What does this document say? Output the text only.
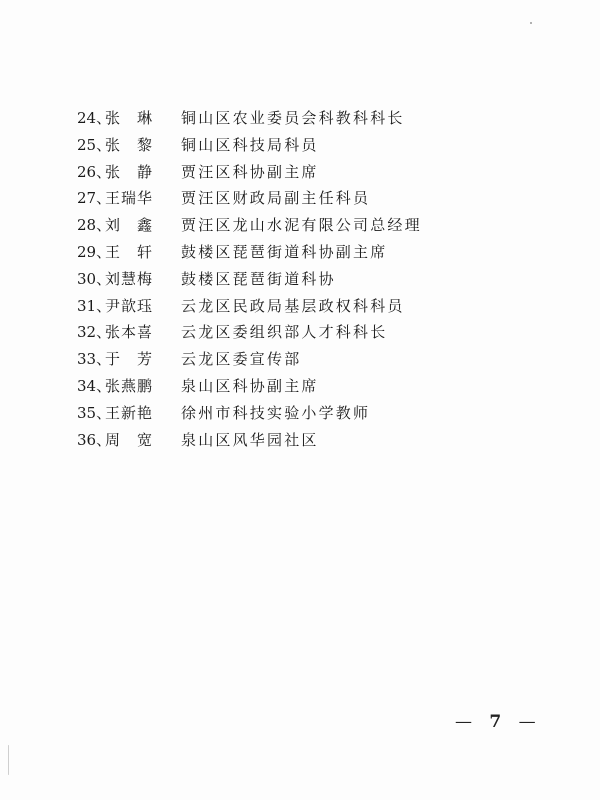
24、
张　琳 铜山区农业委员会科教科科长
25、
张　黎 铜山区科技局科员
26、
张　静 贾汪区科协副主席
27、
王瑞华 贾汪区财政局副主任科员
28、
刘　鑫 贾汪区龙山水泥有限公司总经理
29、
王　轩 鼓楼区琵琶街道科协副主席
30、
刘慧梅 鼓楼区琵琶街道科协
31、
尹歆珏 云龙区民政局基层政权科科员
32、
张本喜 云龙区委组织部人才科科长
33、
于　芳 云龙区委宣传部
34、
张燕鹏 泉山区科协副主席
35、
王新艳 徐州市科技实验小学教师
36、
周　宽 泉山区风华园社区
— 7 —
